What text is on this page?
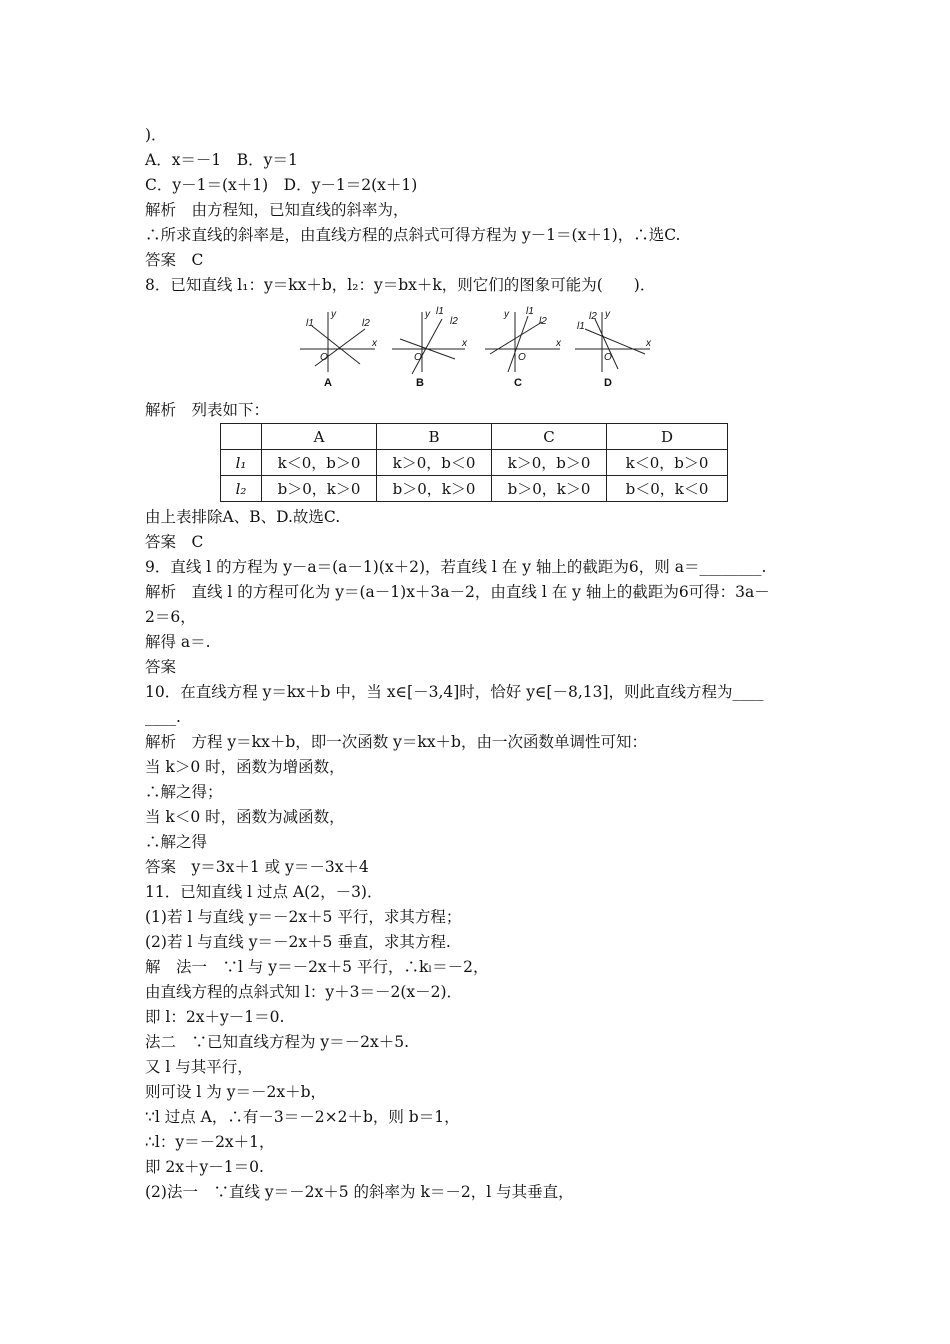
)．
A．x＝－1　B．y＝1
C．y－1＝(x＋1)　D．y－1＝2(x＋1)
解析　由方程知，已知直线的斜率为，
∴所求直线的斜率是，由直线方程的点斜式可得方程为 y－1＝(x＋1)，∴选C.
答案　C
8．已知直线 l₁：y＝kx＋b，l₂：y＝bx＋k，则它们的图象可能为(　　)．
y
x
O
l1	l2
y
x
O
l1
l2
y
x
O
l1
l2
y
x
O
l1
l2
A	B	C	D
解析　列表如下：
	A	B	C	D
l₁	k＜0，b＞0	k＞0，b＜0	k＞0，b＞0	k＜0，b＞0
l₂	b＞0，k＞0	b＞0，k＞0	b＞0，k＞0	b＜0，k＜0
由上表排除A、B、D.故选C.
答案　C
9．直线 l 的方程为 y－a＝(a－1)(x＋2)，若直线 l 在 y 轴上的截距为6，则 a＝________.
解析　直线 l 的方程可化为 y＝(a－1)x＋3a－2，由直线 l 在 y 轴上的截距为6可得：3a－
2＝6，
解得 a＝.
答案
10．在直线方程 y＝kx＋b 中，当 x∈[－3,4]时，恰好 y∈[－8,13]，则此直线方程为____
____.
解析　方程 y＝kx＋b，即一次函数 y＝kx＋b，由一次函数单调性可知：
当 k＞0 时，函数为增函数，
∴解之得；
当 k＜0 时，函数为减函数，
∴解之得
答案　y＝3x＋1 或 y＝－3x＋4
11．已知直线 l 过点 A(2，－3)．
(1)若 l 与直线 y＝－2x＋5 平行，求其方程；
(2)若 l 与直线 y＝－2x＋5 垂直，求其方程.
解　法一　∵l 与 y＝－2x＋5 平行，∴kₗ＝－2，
由直线方程的点斜式知 l：y＋3＝－2(x－2)．
即 l：2x＋y－1＝0.
法二　∵已知直线方程为 y＝－2x＋5.
又 l 与其平行，
则可设 l 为 y＝－2x＋b，
∵l 过点 A，∴有－3＝－2×2＋b，则 b＝1，
∴l：y＝－2x＋1，
即 2x＋y－1＝0.
(2)法一　∵直线 y＝－2x＋5 的斜率为 k＝－2，l 与其垂直，
